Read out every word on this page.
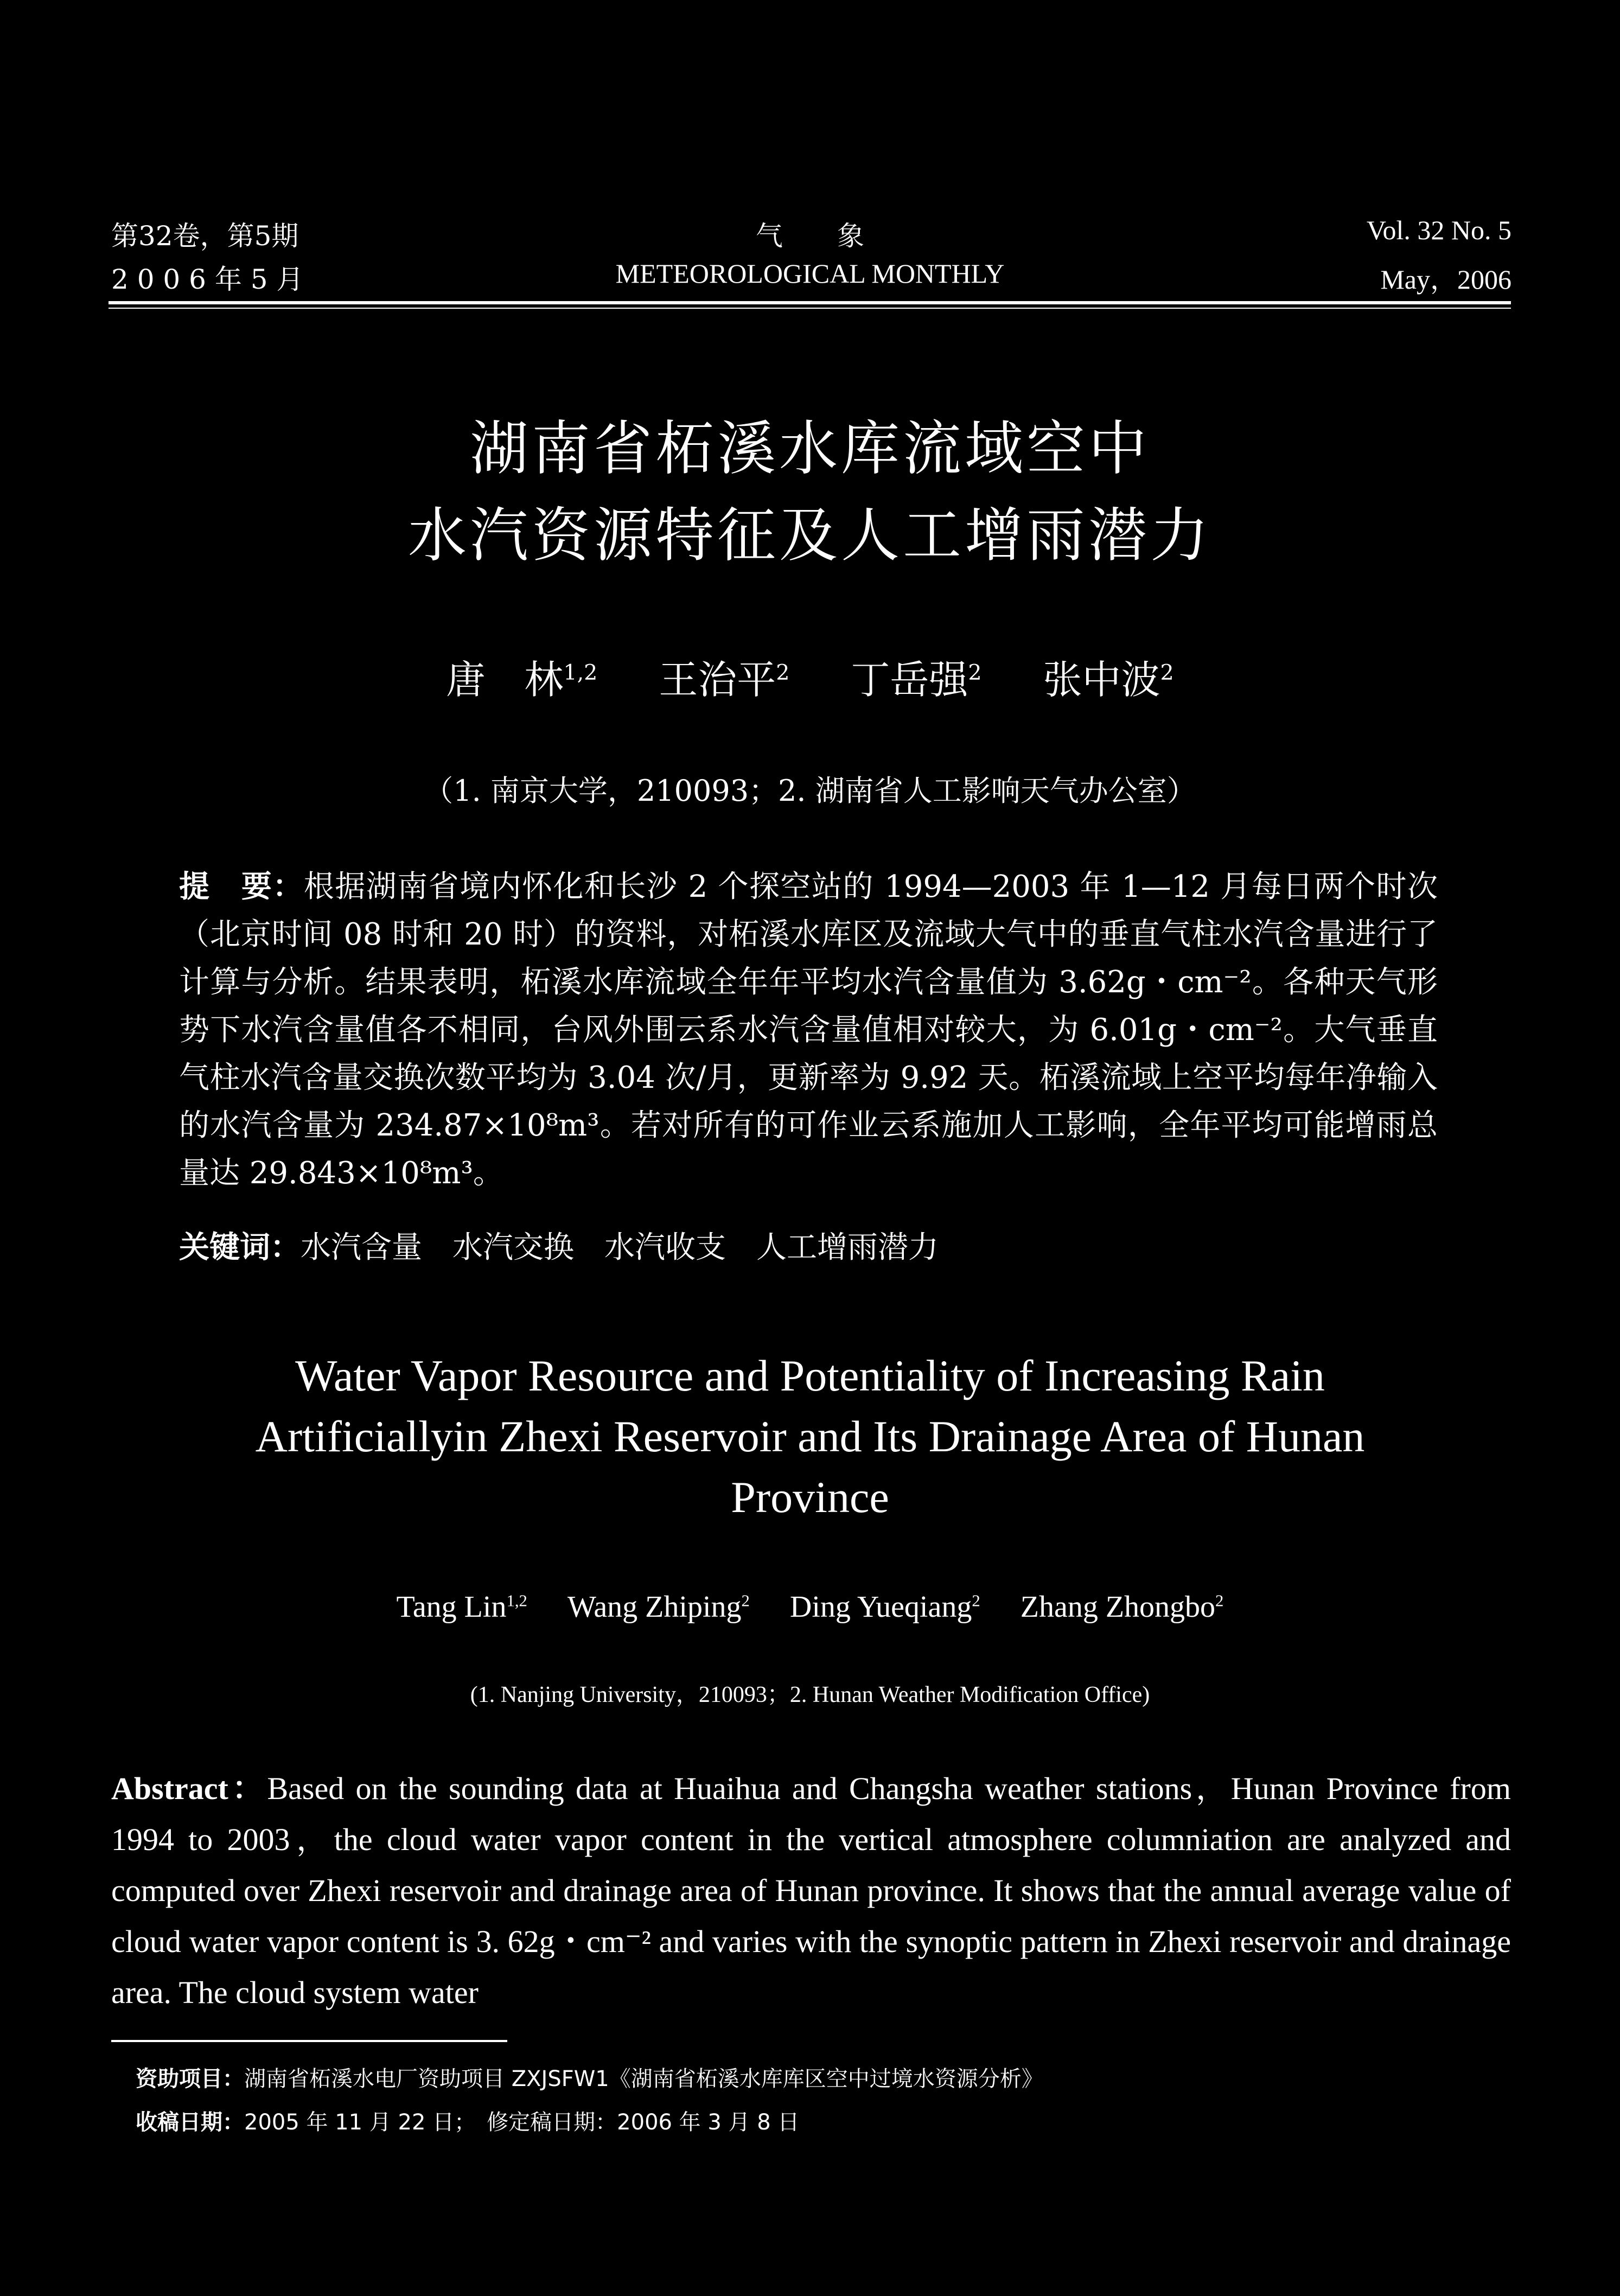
第32卷，第5期
2 0 0 6 年 5 月
气　　象
METEOROLOGICAL MONTHLY
Vol. 32 No. 5
May，2006
湖南省柘溪水库流域空中
水汽资源特征及人工增雨潜力
唐　林$^{1,2}$ 王治平$^2$ 丁岳强$^2$ 张中波$^2$
（1. 南京大学，210093；2. 湖南省人工影响天气办公室）
提　要：根据湖南省境内怀化和长沙 2 个探空站的 1994—2003 年 1—12 月每日两个时次（北京时间 08 时和 20 时）的资料，对柘溪水库区及流域大气中的垂直气柱水汽含量进行了计算与分析。结果表明，柘溪水库流域全年年平均水汽含量值为 3.62g・cm⁻²。各种天气形势下水汽含量值各不相同，台风外围云系水汽含量值相对较大，为 6.01g・cm⁻²。大气垂直气柱水汽含量交换次数平均为 3.04 次/月，更新率为 9.92 天。柘溪流域上空平均每年净输入的水汽含量为 234.87×10⁸m³。若对所有的可作业云系施加人工影响，全年平均可能增雨总量达 29.843×10⁸m³。
关键词：水汽含量　水汽交换　水汽收支　人工增雨潜力
Water Vapor Resource and Potentiality of Increasing Rain Artificiallyin Zhexi Reservoir and Its Drainage Area of Hunan Province
Tang Lin$^{1,2}$ Wang Zhiping$^2$ Ding Yueqiang$^2$ Zhang Zhongbo$^2$
(1. Nanjing University，210093；2. Hunan Weather Modification Office)
Abstract：Based on the sounding data at Huaihua and Changsha weather stations，Hunan Province from 1994 to 2003，the cloud water vapor content in the vertical atmosphere columniation are analyzed and computed over Zhexi reservoir and drainage area of Hunan province. It shows that the annual average value of cloud water vapor content is 3. 62g・cm⁻² and varies with the synoptic pattern in Zhexi reservoir and drainage area. The cloud system water
资助项目：湖南省柘溪水电厂资助项目 ZXJSFW1《湖南省柘溪水库库区空中过境水资源分析》
收稿日期：2005 年 11 月 22 日；　修定稿日期：2006 年 3 月 8 日
